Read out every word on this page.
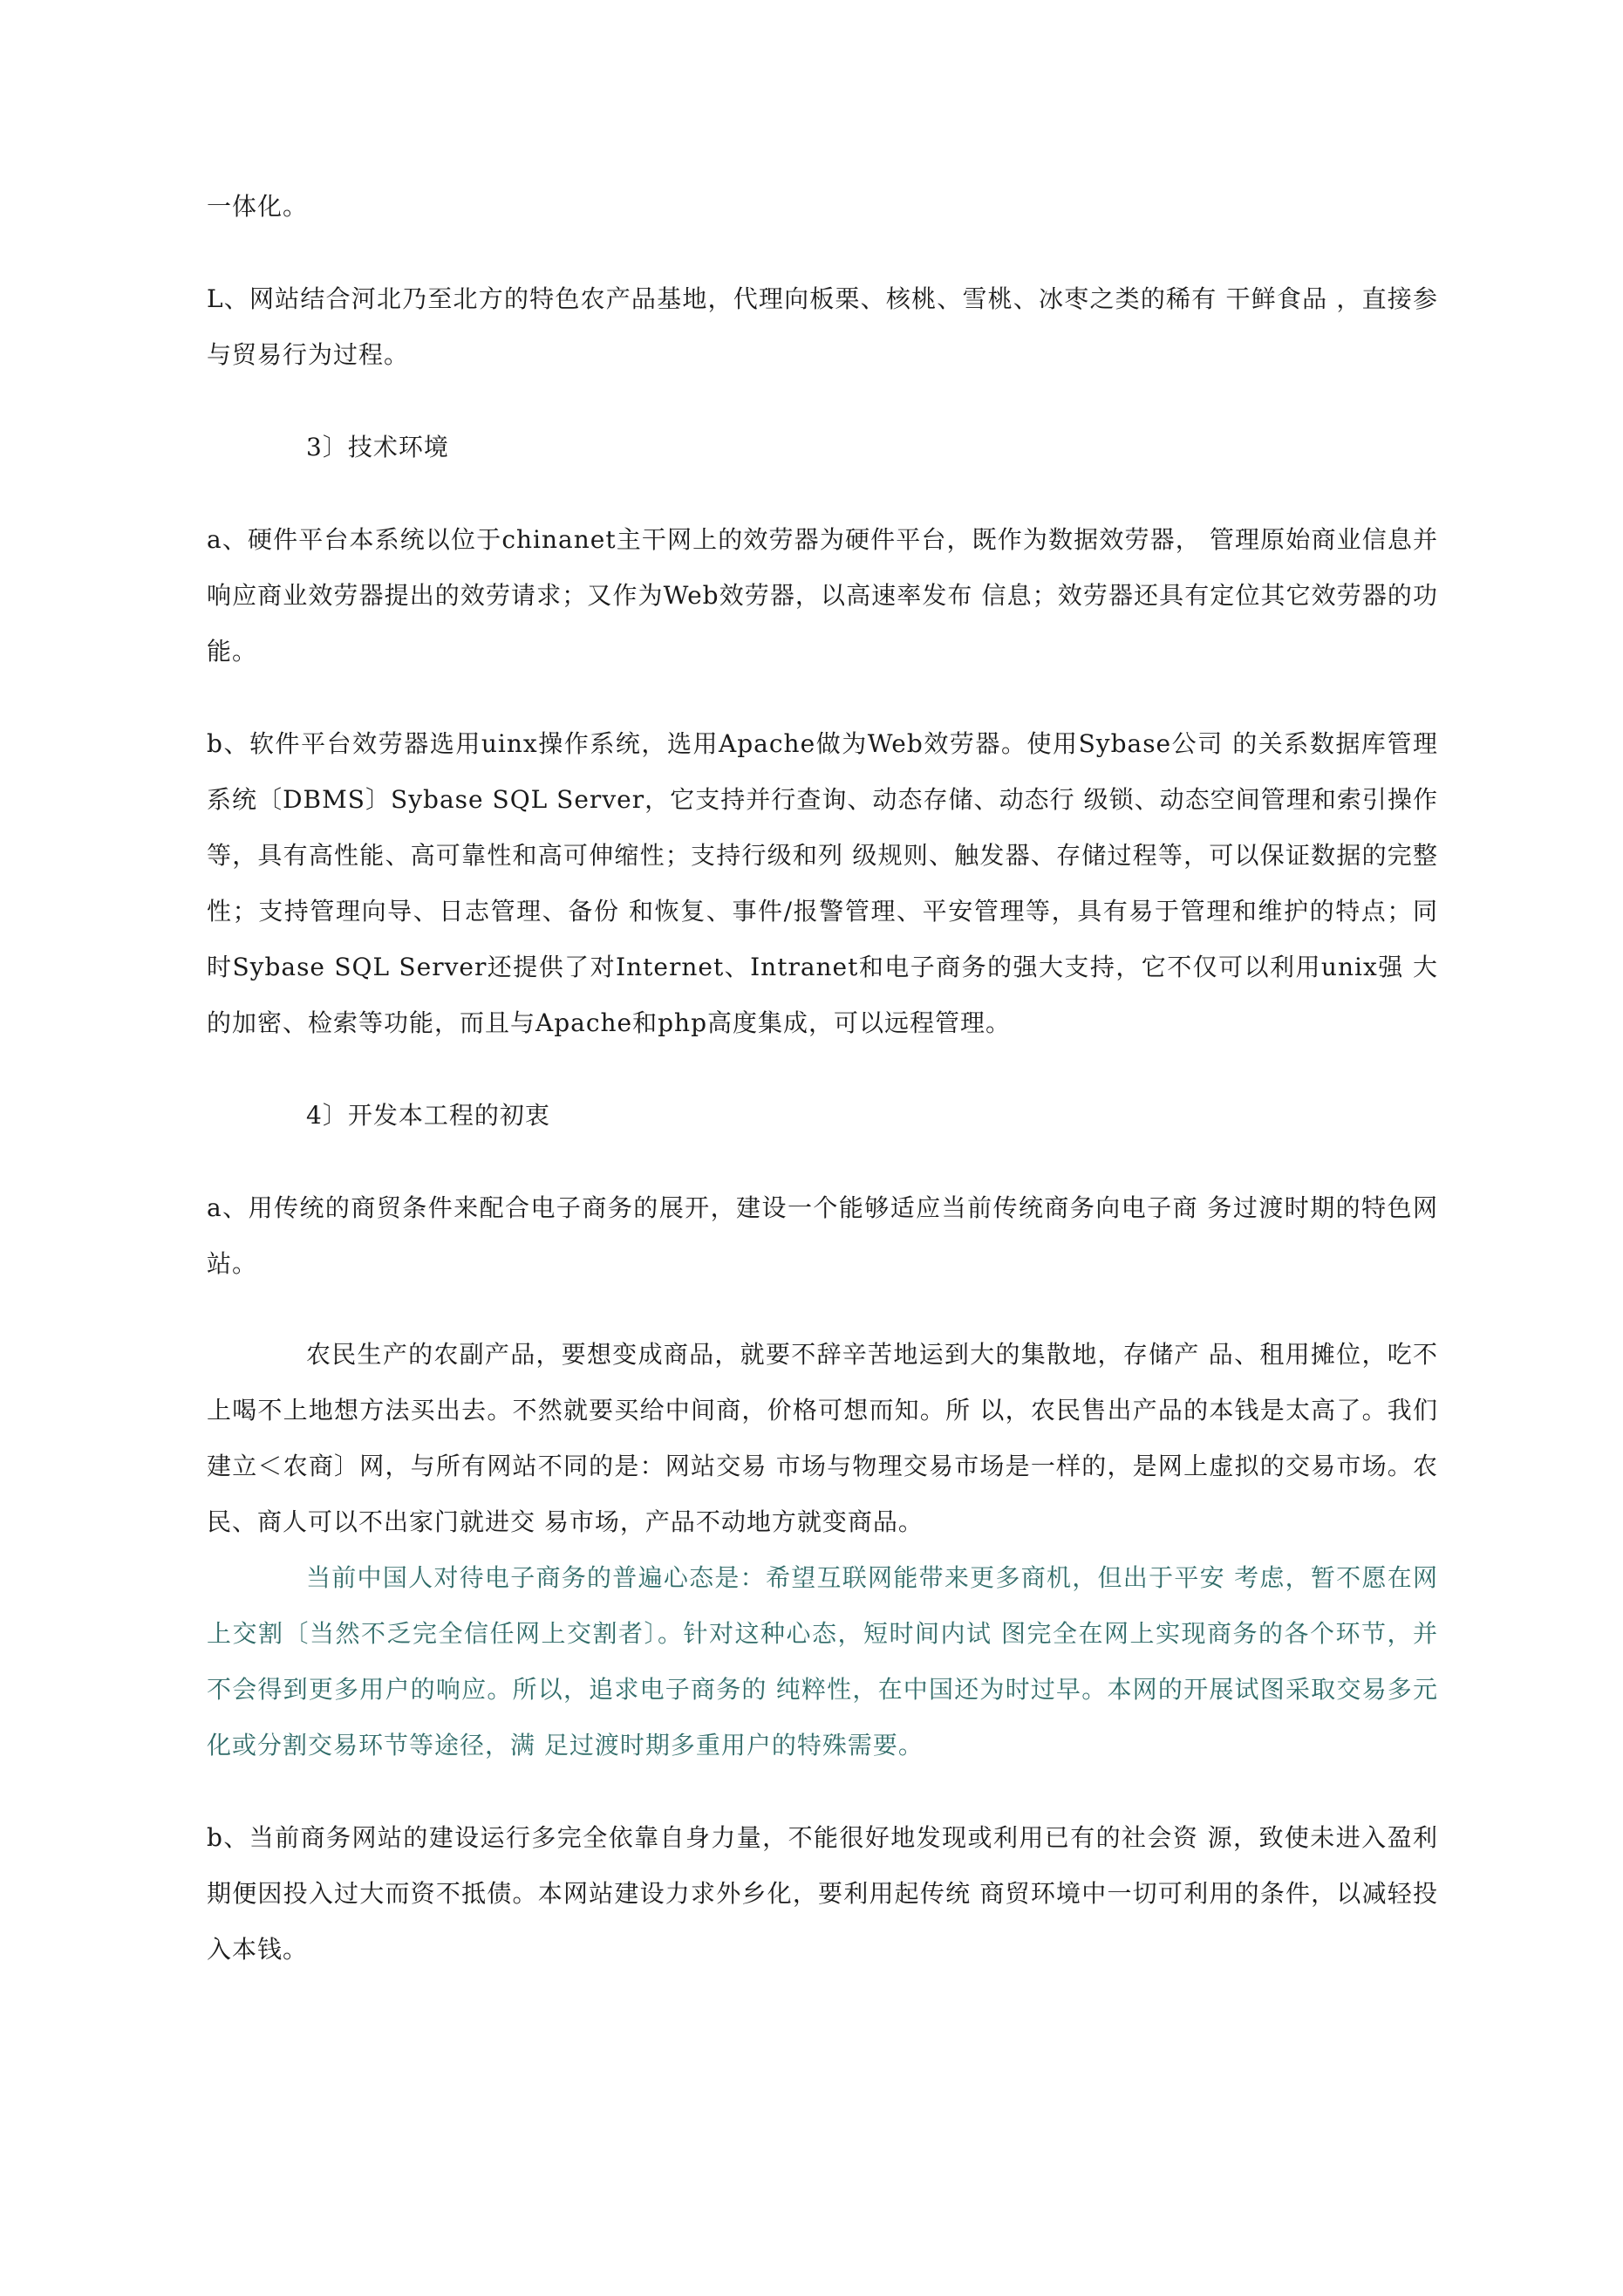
一体化。

L、网站结合河北乃至北方的特色农产品基地，代理向板栗、核桃、雪桃、冰枣之类的稀有 干鲜食品 ，直接参与贸易行为过程。

3〕技术环境

a、硬件平台本系统以位于chinanet主干网上的效劳器为硬件平台，既作为数据效劳器， 管理原始商业信息并响应商业效劳器提出的效劳请求；又作为Web效劳器，以高速率发布 信息；效劳器还具有定位其它效劳器的功能。

b、软件平台效劳器选用uinx操作系统，选用Apache做为Web效劳器。使用Sybase公司 的关系数据库管理系统〔DBMS〕Sybase SQL Server，它支持并行查询、动态存储、动态行 级锁、动态空间管理和索引操作等，具有高性能、高可靠性和高可伸缩性；支持行级和列 级规则、触发器、存储过程等，可以保证数据的完整性；支持管理向导、日志管理、备份 和恢复、事件/报警管理、平安管理等，具有易于管理和维护的特点；同时Sybase SQL Server还提供了对Internet、Intranet和电子商务的强大支持，它不仅可以利用unix强 大的加密、检索等功能，而且与Apache和php高度集成，可以远程管理。

4〕开发本工程的初衷

a、用传统的商贸条件来配合电子商务的展开，建设一个能够适应当前传统商务向电子商 务过渡时期的特色网站。

农民生产的农副产品，要想变成商品，就要不辞辛苦地运到大的集散地，存储产 品、租用摊位，吃不上喝不上地想方法买出去。不然就要买给中间商，价格可想而知。所 以，农民售出产品的本钱是太高了。我们建立＜农商〕网，与所有网站不同的是：网站交易 市场与物理交易市场是一样的，是网上虚拟的交易市场。农民、商人可以不出家门就进交 易市场，产品不动地方就变商品。

当前中国人对待电子商务的普遍心态是：希望互联网能带来更多商机，但出于平安 考虑，暂不愿在网上交割〔当然不乏完全信任网上交割者〕。针对这种心态，短时间内试 图完全在网上实现商务的各个环节，并不会得到更多用户的响应。所以，追求电子商务的 纯粹性，在中国还为时过早。本网的开展试图采取交易多元化或分割交易环节等途径，满 足过渡时期多重用户的特殊需要。

b、当前商务网站的建设运行多完全依靠自身力量，不能很好地发现或利用已有的社会资 源，致使未进入盈利期便因投入过大而资不抵债。本网站建设力求外乡化，要利用起传统 商贸环境中一切可利用的条件，以减轻投入本钱。
